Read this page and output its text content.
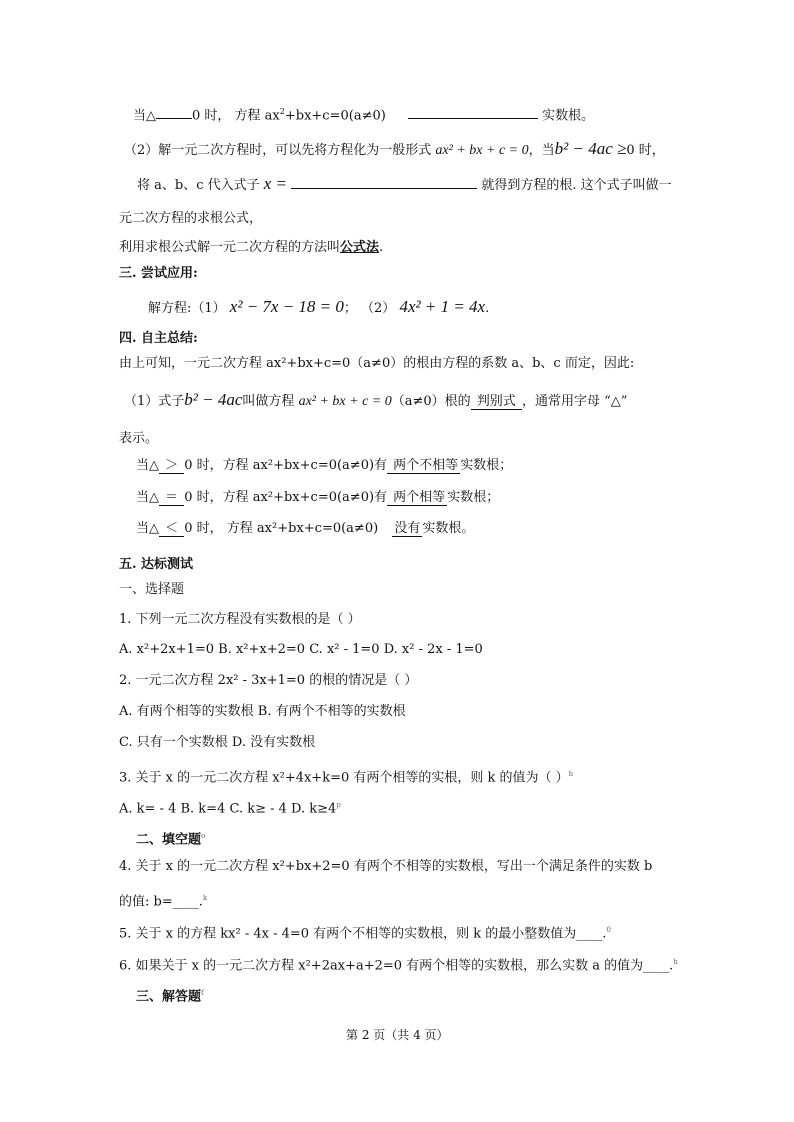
当△	0 时， 方程 $ax^2+bx+c=0(a\ne 0)$	实数根。
（2）解一元二次方程时，可以先将方程化为一般形式 ax² + bx + c = 0，当b² − 4ac ≥0 时，
将 a、b、c 代入式子 x =	就得到方程的根. 这个式子叫做一
元二次方程的求根公式，
利用求根公式解一元二次方程的方法叫公式法.
三. 尝试应用:
解方程:（1） x² − 7x − 18 = 0； （2） 4x² + 1 = 4x.
四. 自主总结:
由上可知，一元二次方程 ax²+bx+c=0（a≠0）的根由方程的系数 a、b、c 而定，因此:
（1）式子b² − 4ac叫做方程 ax² + bx + c = 0（a≠0）根的 判别式 ，通常用字母 “△”
表示。
当△ ＞ 0 时，方程 ax²+bx+c=0(a≠0)有 两个不相等 实数根；
当△ ＝ 0 时，方程 ax²+bx+c=0(a≠0)有 两个相等 实数根；
当△ ＜ 0 时， 方程 ax²+bx+c=0(a≠0) 没有 实数根。
五. 达标测试
一、选择题
1. 下列一元二次方程没有实数根的是（ ）
A. x²+2x+1=0 B. x²+x+2=0 C. x² - 1=0 D. x² - 2x - 1=0
2. 一元二次方程 2x² - 3x+1=0 的根的情况是（ ）
A. 有两个相等的实数根 B. 有两个不相等的实数根
C. 只有一个实数根 D. 没有实数根
3. 关于 x 的一元二次方程 x²+4x+k=0 有两个相等的实根，则 k 的值为（ ）$^h$
A. k= - 4 B. k=4 C. k≥ - 4 D. $k\ge 4^p$
二、填空题$^o$
4. 关于 x 的一元二次方程 x²+bx+2=0 有两个不相等的实数根，写出一个满足条件的实数 b
的值: b=____.$^k$
5. 关于 x 的方程 kx² - 4x - 4=0 有两个不相等的实数根，则 k 的最小整数值为____.$^0$
6. 如果关于 x 的一元二次方程 x²+2ax+a+2=0 有两个相等的实数根，那么实数 a 的值为____.$^h$
三、解答题$^f$
第 2 页（共 4 页）
